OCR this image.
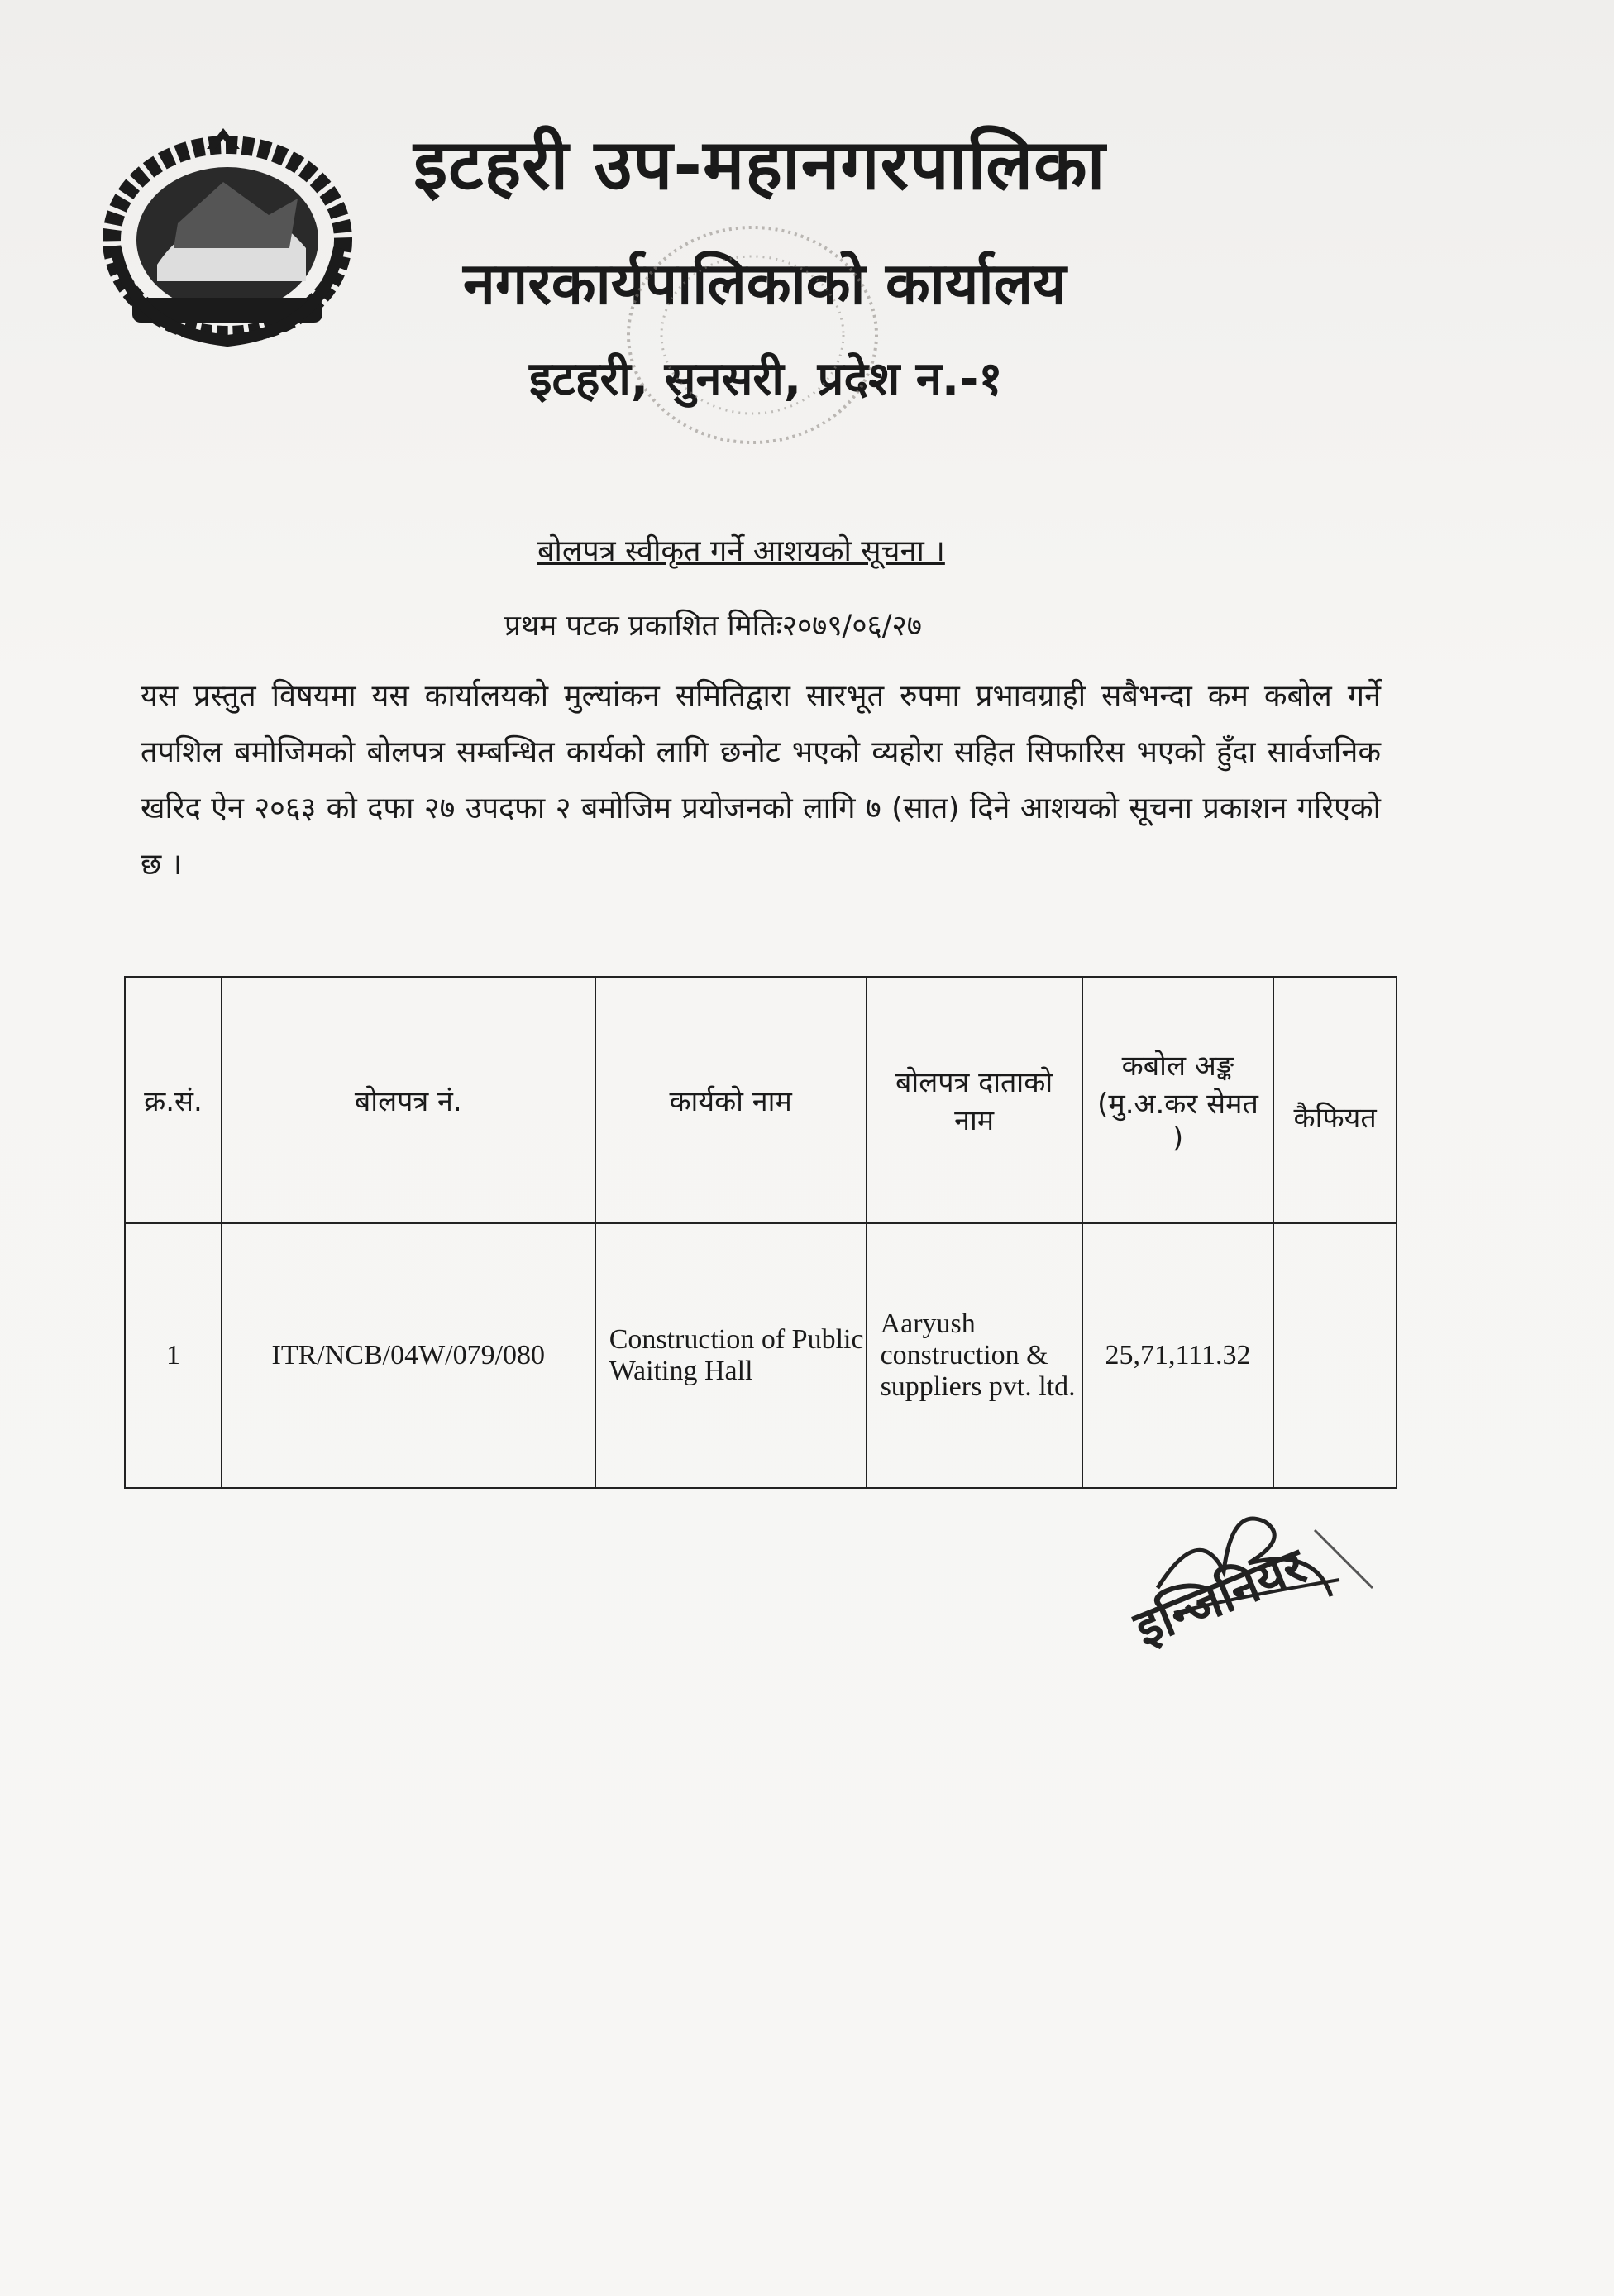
इटहरी उप-महानगरपालिका
नगरकार्यपालिकाको कार्यालय
इटहरी, सुनसरी, प्रदेश न.-१
बोलपत्र स्वीकृत गर्ने आशयको सूचना ।
प्रथम पटक प्रकाशित मितिः२०७९/०६/२७
यस प्रस्तुत विषयमा यस कार्यालयको मुल्यांकन समितिद्वारा सारभूत रुपमा प्रभावग्राही सबैभन्दा कम कबोल गर्ने तपशिल बमोजिमको बोलपत्र सम्बन्धित कार्यको लागि छनोट भएको व्यहोरा सहित सिफारिस भएको हुँदा सार्वजनिक खरिद ऐन २०६३ को दफा २७ उपदफा २ बमोजिम प्रयोजनको लागि ७ (सात) दिने आशयको सूचना प्रकाशन गरिएको छ ।
क्र.सं.	बोलपत्र नं.	कार्यको नाम	बोलपत्र दाताको नाम	कबोल अङ्क (मु.अ.कर सेमत )	कैफियत
1	ITR/NCB/04W/079/080	Construction of Public Waiting Hall	Aaryush construction & suppliers pvt. ltd.	25,71,111.32	
इन्जिनियर
